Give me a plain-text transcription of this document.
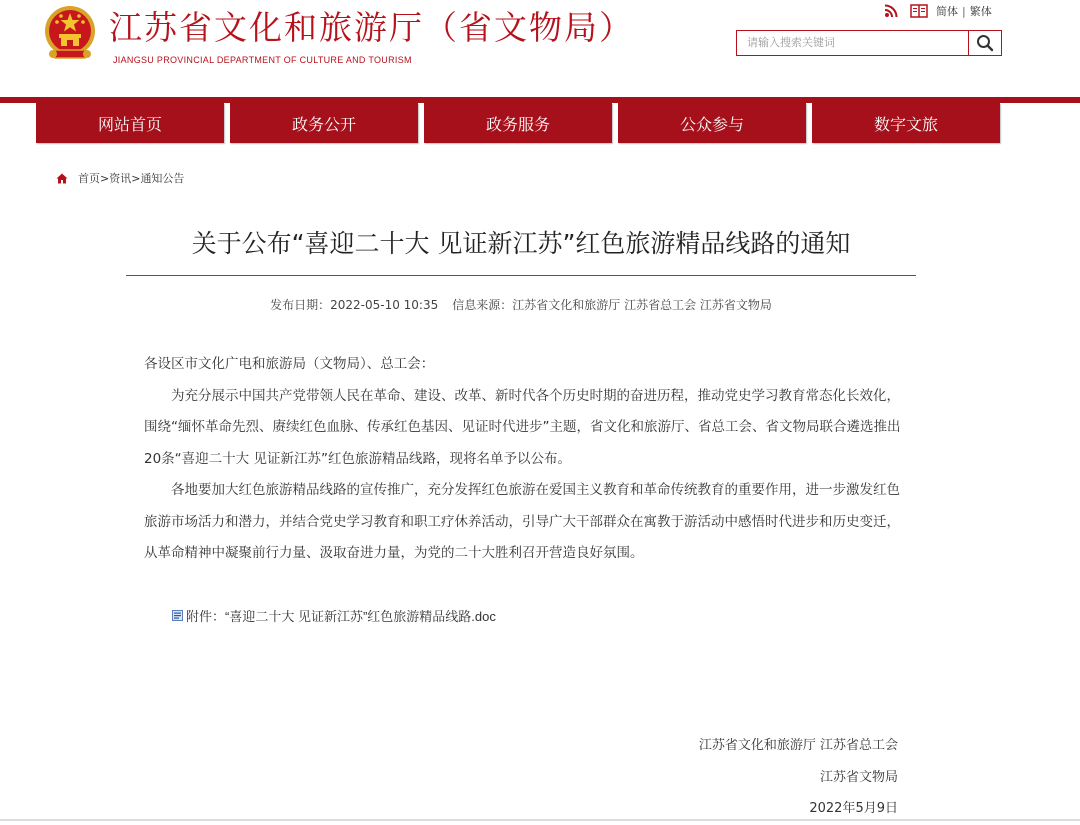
江苏省文化和旅游厅（省文物局）
JIANGSU PROVINCIAL DEPARTMENT OF CULTURE AND TOURISM
简体 | 繁体
请输入搜索关键词
网站首页	政务公开	政务服务	公众参与	数字文旅
首页 > 资讯 > 通知公告
关于公布“喜迎二十大 见证新江苏”红色旅游精品线路的通知
发布日期：2022-05-10 10:35 信息来源：江苏省文化和旅游厅 江苏省总工会 江苏省文物局

各设区市文化广电和旅游局（文物局）、总工会：

为充分展示中国共产党带领人民在革命、建设、改革、新时代各个历史时期的奋进历程，推动党史学习教育常态化长效化，围绕“缅怀革命先烈、赓续红色血脉、传承红色基因、见证时代进步”主题，省文化和旅游厅、省总工会、省文物局联合遴选推出20条“喜迎二十大 见证新江苏”红色旅游精品线路，现将名单予以公布。

各地要加大红色旅游精品线路的宣传推广，充分发挥红色旅游在爱国主义教育和革命传统教育的重要作用，进一步激发红色旅游市场活力和潜力，并结合党史学习教育和职工疗休养活动，引导广大干部群众在寓教于游活动中感悟时代进步和历史变迁，从革命精神中凝聚前行力量、汲取奋进力量，为党的二十大胜利召开营造良好氛围。

附件：“喜迎二十大 见证新江苏”红色旅游精品线路.doc
江苏省文化和旅游厅 江苏省总工会
江苏省文物局
2022年5月9日
